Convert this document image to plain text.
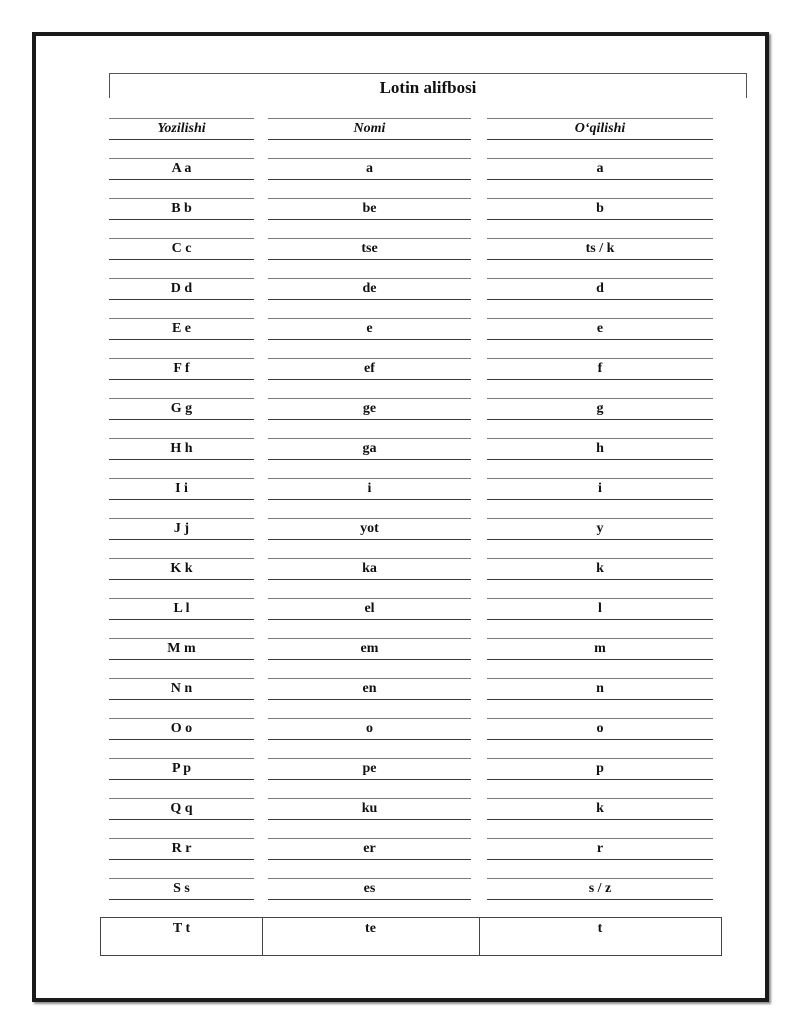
Lotin alifbosi
Yozilishi	Nomi	O‘qilishi
A a	a	a
B b	be	b
C c	tse	ts / k
D d	de	d
E e	e	e
F f	ef	f
G g	ge	g
H h	ga	h
I i	i	i
J j	yot	y
K k	ka	k
L l	el	l
M m	em	m
N n	en	n
O o	o	o
P p	pe	p
Q q	ku	k
R r	er	r
S s	es	s / z
T t	te	t
